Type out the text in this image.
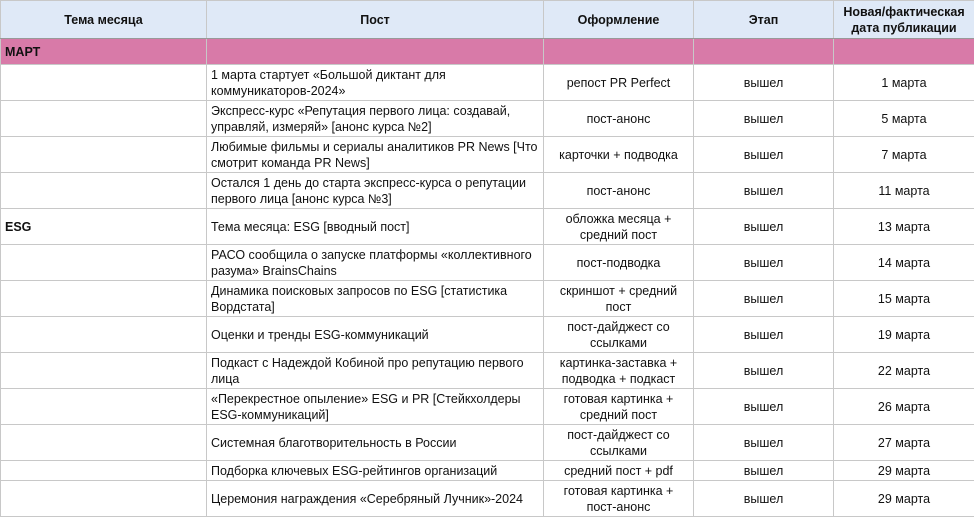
Тема месяца	Пост	Оформление	Этап	Новая/фактическая
дата публикации
МАРТ				
	1 марта стартует «Большой диктант для коммуникаторов-2024»	репост PR Perfect	вышел	1 марта
	Экспресс-курс «Репутация первого лица: создавай, управляй, измеряй» [анонс курса №2]	пост-анонс	вышел	5 марта
	Любимые фильмы и сериалы аналитиков PR News [Что смотрит команда PR News]	карточки + подводка	вышел	7 марта
	Остался 1 день до старта экспресс-курса о репутации первого лица [анонс курса №3]	пост-анонс	вышел	11 марта
ESG	Тема месяца: ESG [вводный пост]	обложка месяца + средний пост	вышел	13 марта
	РАСО сообщила о запуске платформы «коллективного разума» BrainsChains	пост-подводка	вышел	14 марта
	Динамика поисковых запросов по ESG [статистика Вордстата]	скриншот + средний пост	вышел	15 марта
	Оценки и тренды ESG-коммуникаций	пост-дайджест со ссылками	вышел	19 марта
	Подкаст с Надеждой Кобиной про репутацию первого лица	картинка-заставка + подводка + подкаст	вышел	22 марта
	«Перекрестное опыление» ESG и PR [Стейкхолдеры ESG-коммуникаций]	готовая картинка + средний пост	вышел	26 марта
	Системная благотворительность в России	пост-дайджест со ссылками	вышел	27 марта
	Подборка ключевых ESG-рейтингов организаций	средний пост + pdf	вышел	29 марта
	Церемония награждения «Серебряный Лучник»-2024	готовая картинка + пост-анонс	вышел	29 марта
